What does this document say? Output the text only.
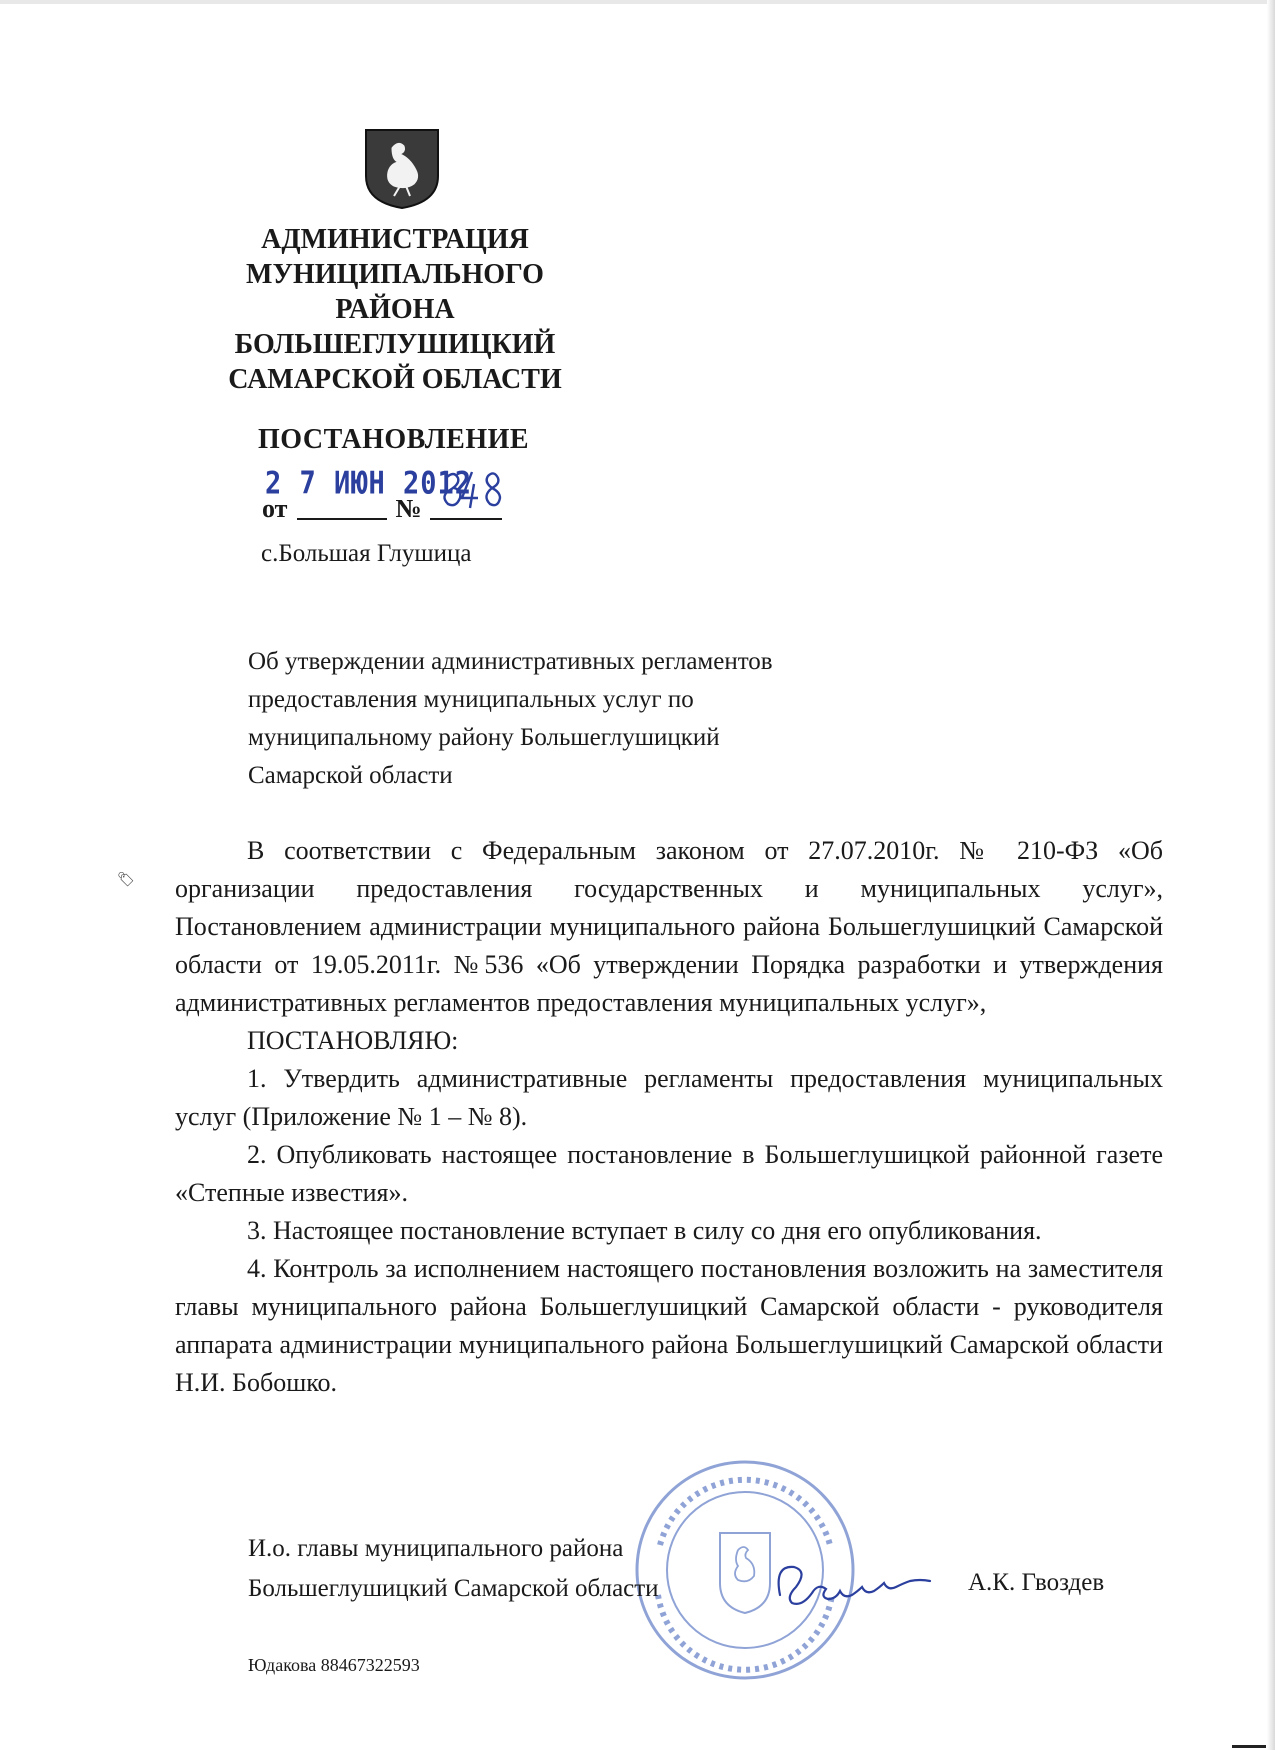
АДМИНИСТРАЦИЯ
МУНИЦИПАЛЬНОГО
РАЙОНА
БОЛЬШЕГЛУШИЦКИЙ
САМАРСКОЙ ОБЛАСТИ
ПОСТАНОВЛЕНИЕ
2 7 ИЮН 2012
от	№
с.Большая Глушица
Об утверждении административных регламентов
предоставления муниципальных услуг по
муниципальному району Большеглушицкий
Самарской области
🏷

В соответствии с Федеральным законом от 27.07.2010г. № 210-ФЗ «Об организации предоставления государственных и муниципальных услуг», Постановлением администрации муниципального района Большеглушицкий Самарской области от 19.05.2011г. №536 «Об утверждении Порядка разработки и утверждения административных регламентов предоставления муниципальных услуг»,

ПОСТАНОВЛЯЮ:

1. Утвердить административные регламенты предоставления муниципальных услуг (Приложение № 1 – № 8).

2. Опубликовать настоящее постановление в Большеглушицкой районной газете «Степные известия».

3. Настоящее постановление вступает в силу со дня его опубликования.

4. Контроль за исполнением настоящего постановления возложить на заместителя главы муниципального района Большеглушицкий Самарской области - руководителя аппарата администрации муниципального района Большеглушицкий Самарской области Н.И. Бобошко.

И.о. главы муниципального района
Большеглушицкий Самарской области	А.К. Гвоздев
Юдакова 88467322593
